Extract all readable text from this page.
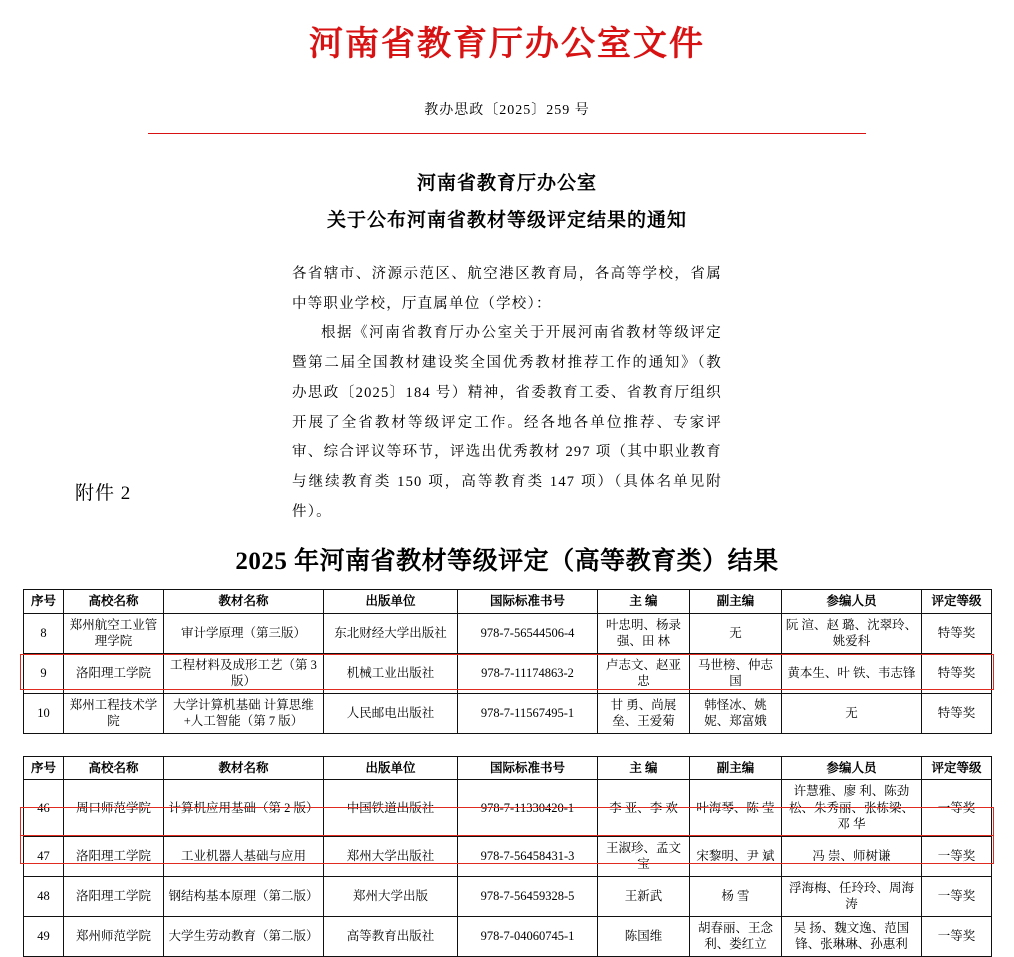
河南省教育厅办公室文件
教办思政〔2025〕259 号
河南省教育厅办公室
关于公布河南省教材等级评定结果的通知

各省辖市、济源示范区、航空港区教育局，各高等学校，省属中等职业学校，厅直属单位（学校）：

根据《河南省教育厅办公室关于开展河南省教材等级评定暨第二届全国教材建设奖全国优秀教材推荐工作的通知》（教办思政〔2025〕184 号）精神，省委教育工委、省教育厅组织开展了全省教材等级评定工作。经各地各单位推荐、专家评审、综合评议等环节，评选出优秀教材 297 项（其中职业教育与继续教育类 150 项，高等教育类 147 项）（具体名单见附件）。

附件 2
2025 年河南省教材等级评定（高等教育类）结果
序号	高校名称	教材名称	出版单位	国际标准书号	主 编	副主编	参编人员	评定等级
8	郑州航空工业管理学院	审计学原理（第三版）	东北财经大学出版社	978-7-56544506-4	叶忠明、杨录强、田 林	无	阮 渲、赵 璐、沈翠玲、姚爱科	特等奖
9	洛阳理工学院	工程材料及成形工艺（第 3 版）	机械工业出版社	978-7-11174863-2	卢志文、赵亚忠	马世榜、仲志国	黄本生、叶 铁、韦志锋	特等奖
10	郑州工程技术学院	大学计算机基础 计算思维+人工智能（第 7 版）	人民邮电出版社	978-7-11567495-1	甘 勇、尚展垒、王爱菊	韩怪冰、姚 妮、郑富娥	无	特等奖
序号	高校名称	教材名称	出版单位	国际标准书号	主 编	副主编	参编人员	评定等级
46	周口师范学院	计算机应用基础（第 2 版）	中国铁道出版社	978-7-11330420-1	李 亚、李 欢	叶海琴、陈 莹	许慧雅、廖 利、陈劲松、朱秀丽、张栋梁、邓 华	一等奖
47	洛阳理工学院	工业机器人基础与应用	郑州大学出版社	978-7-56458431-3	王淑珍、孟文宝	宋黎明、尹 斌	冯 崇、师树谦	一等奖
48	洛阳理工学院	钢结构基本原理（第二版）	郑州大学出版	978-7-56459328-5	王新武	杨 雪	浮海梅、任玲玲、周海涛	一等奖
49	郑州师范学院	大学生劳动教育（第二版）	高等教育出版社	978-7-04060745-1	陈国维	胡春丽、王念利、娄红立	吴 扬、魏文逸、范国锋、张琳琳、孙惠利	一等奖
